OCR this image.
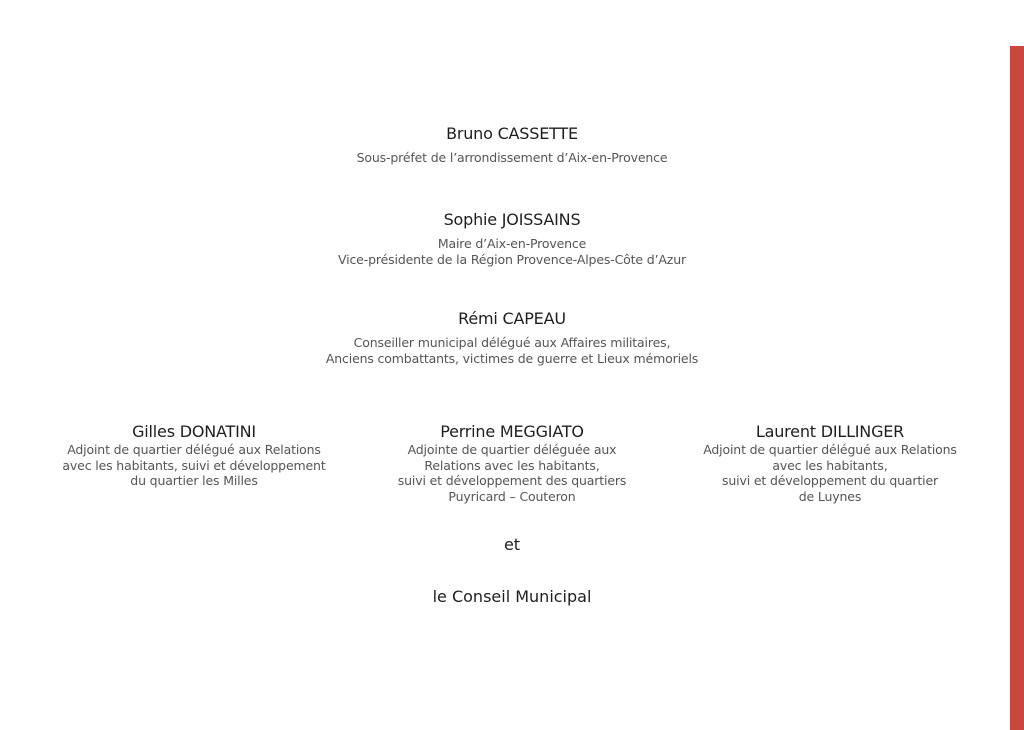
Bruno CASSETTE
Sous-préfet de l’arrondissement d’Aix-en-Provence
Sophie JOISSAINS
Maire d’Aix-en-Provence
Vice-présidente de la Région Provence-Alpes-Côte d’Azur
Rémi CAPEAU
Conseiller municipal délégué aux Affaires militaires,
Anciens combattants, victimes de guerre et Lieux mémoriels
Gilles DONATINI
Adjoint de quartier délégué aux Relations
avec les habitants, suivi et développement
du quartier les Milles
Perrine MEGGIATO
Adjointe de quartier déléguée aux
Relations avec les habitants,
suivi et développement des quartiers
Puyricard – Couteron
Laurent DILLINGER
Adjoint de quartier délégué aux Relations
avec les habitants,
suivi et développement du quartier
de Luynes
et
le Conseil Municipal
